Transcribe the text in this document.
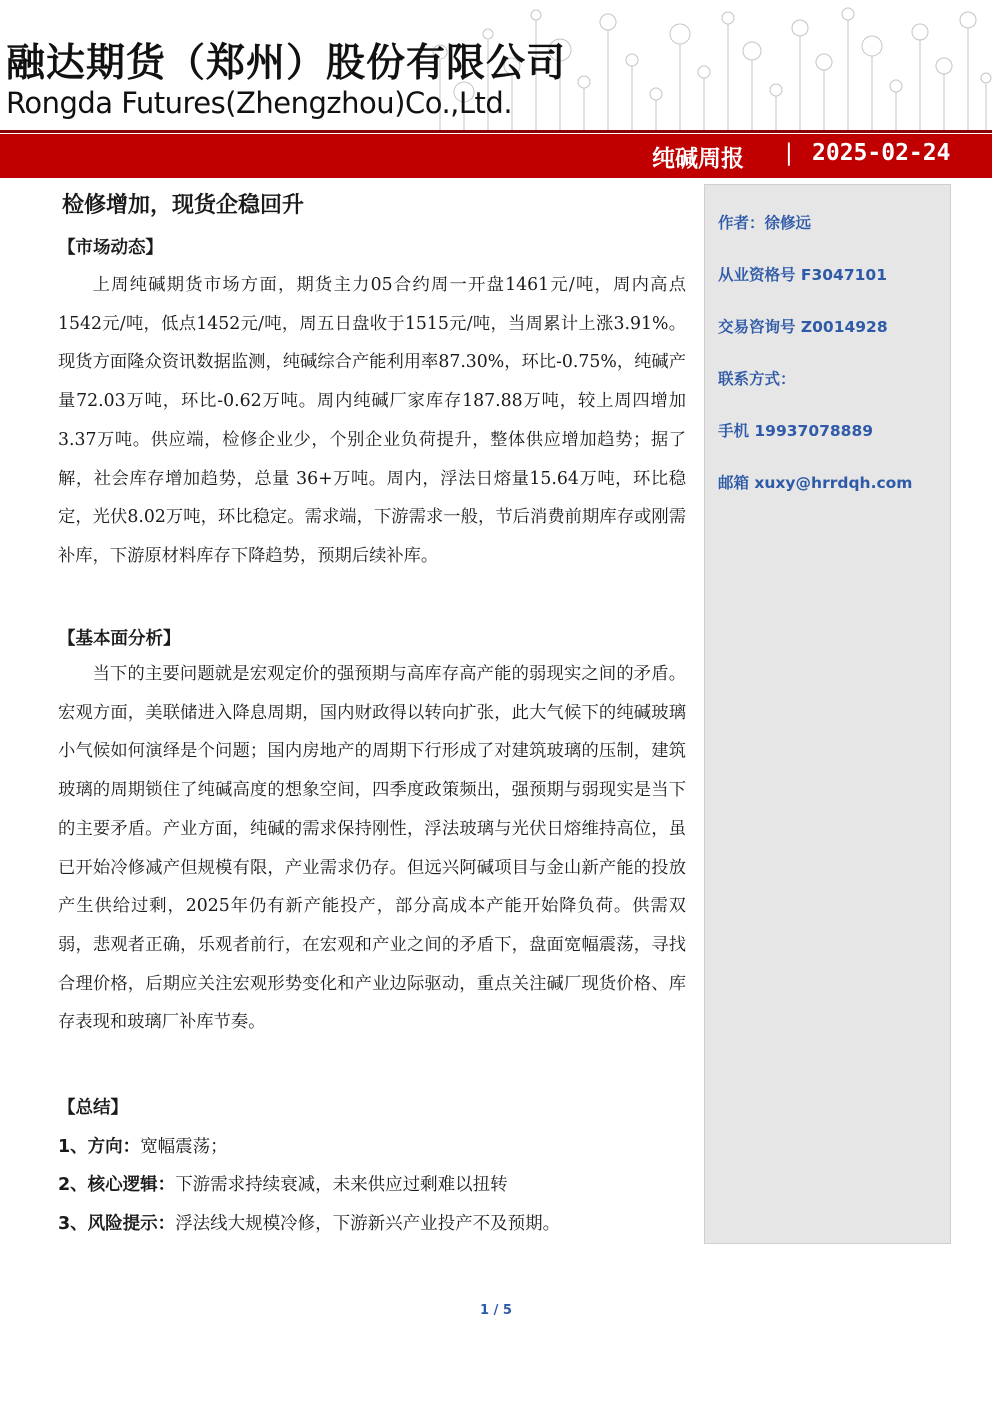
融达期货（郑州）股份有限公司
Rongda Futures(Zhengzhou)Co.,Ltd.
纯碱周报 | 2025-02-24
作者：徐修远
从业资格号 F3047101
交易咨询号 Z0014928
联系方式：
手机 19937078889
邮箱 xuxy@hrrdqh.com
检修增加，现货企稳回升
【市场动态】
上周纯碱期货市场方面，期货主力05合约周一开盘1461元/吨，周内高点1542元/吨，低点1452元/吨，周五日盘收于1515元/吨，当周累计上涨3.91%。现货方面隆众资讯数据监测，纯碱综合产能利用率87.30%，环比-0.75%，纯碱产量72.03万吨，环比-0.62万吨。周内纯碱厂家库存187.88万吨，较上周四增加3.37万吨。供应端，检修企业少，个别企业负荷提升，整体供应增加趋势；据了解，社会库存增加趋势，总量 36+万吨。周内，浮法日熔量15.64万吨，环比稳定，光伏8.02万吨，环比稳定。需求端，下游需求一般，节后消费前期库存或刚需补库，下游原材料库存下降趋势，预期后续补库。
【基本面分析】
当下的主要问题就是宏观定价的强预期与高库存高产能的弱现实之间的矛盾。宏观方面，美联储进入降息周期，国内财政得以转向扩张，此大气候下的纯碱玻璃小气候如何演绎是个问题；国内房地产的周期下行形成了对建筑玻璃的压制，建筑玻璃的周期锁住了纯碱高度的想象空间，四季度政策频出，强预期与弱现实是当下的主要矛盾。产业方面，纯碱的需求保持刚性，浮法玻璃与光伏日熔维持高位，虽已开始冷修减产但规模有限，产业需求仍存。但远兴阿碱项目与金山新产能的投放产生供给过剩，2025年仍有新产能投产，部分高成本产能开始降负荷。供需双弱，悲观者正确，乐观者前行，在宏观和产业之间的矛盾下，盘面宽幅震荡，寻找合理价格，后期应关注宏观形势变化和产业边际驱动，重点关注碱厂现货价格、库存表现和玻璃厂补库节奏。
【总结】
1、方向：宽幅震荡；
2、核心逻辑：下游需求持续衰减，未来供应过剩难以扭转
3、风险提示：浮法线大规模冷修，下游新兴产业投产不及预期。
1 / 5
